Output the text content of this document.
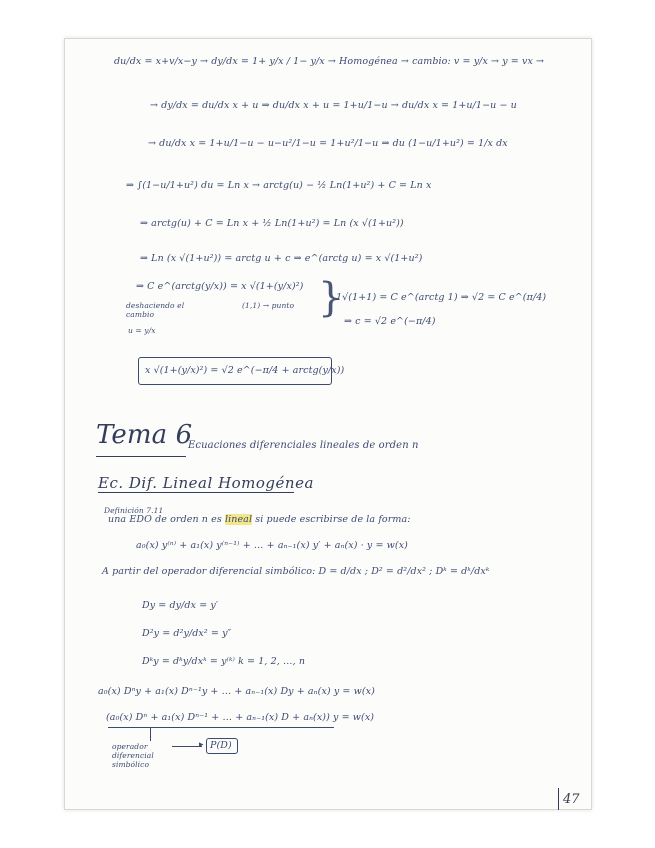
du/dx = x+v/x−y → dy/dx = 1+ y/x / 1− y/x → Homogénea → cambio: v = y/x → y = vx →
→ dy/dx = du/dx x + u ⇒ du/dx x + u = 1+u/1−u → du/dx x = 1+u/1−u − u
→ du/dx x = 1+u/1−u − u−u²/1−u = 1+u²/1−u ⇒ du (1−u/1+u²) = 1/x dx
⇒ ∫(1−u/1+u²) du = Ln x → arctg(u) − ½ Ln(1+u²) + C = Ln x
⇒ arctg(u) + C = Ln x + ½ Ln(1+u²) = Ln (x √(1+u²))
⇒ Ln (x √(1+u²)) = arctg u + c ⇒ e^(arctg u) = x √(1+u²)
⇒ C e^(arctg(y/x)) = x √(1+(y/x)²)
(1,1) → punto }
1√(1+1) = C e^(arctg 1) ⇒ √2 = C e^(π/4)
⇒ c = √2 e^(−π/4)
deshaciendo el cambio
u = y/x
x √(1+(y/x)²) = √2 e^(−π/4 + arctg(y/x))
Tema 6
Ecuaciones diferenciales lineales de orden n
Ec. Dif. Lineal Homogénea
Definición 7.11
una EDO de orden n es lineal si puede escribirse de la forma:
a₀(x) y⁽ⁿ⁾ + a₁(x) y⁽ⁿ⁻¹⁾ + … + aₙ₋₁(x) y′ + aₙ(x) · y = w(x)
A partir del operador diferencial simbólico: D = d/dx ; D² = d²/dx² ; Dᵏ = dᵏ/dxᵏ
Dy = dy/dx = y′
D²y = d²y/dx² = y″
Dᵏy = dᵏy/dxᵏ = y⁽ᵏ⁾ k = 1, 2, …, n
a₀(x) Dⁿy + a₁(x) Dⁿ⁻¹y + … + aₙ₋₁(x) Dy + aₙ(x) y = w(x)
(a₀(x) Dⁿ + a₁(x) Dⁿ⁻¹ + … + aₙ₋₁(x) D + aₙ(x)) y = w(x)
operador diferencial simbólico
▸ P(D)
47
